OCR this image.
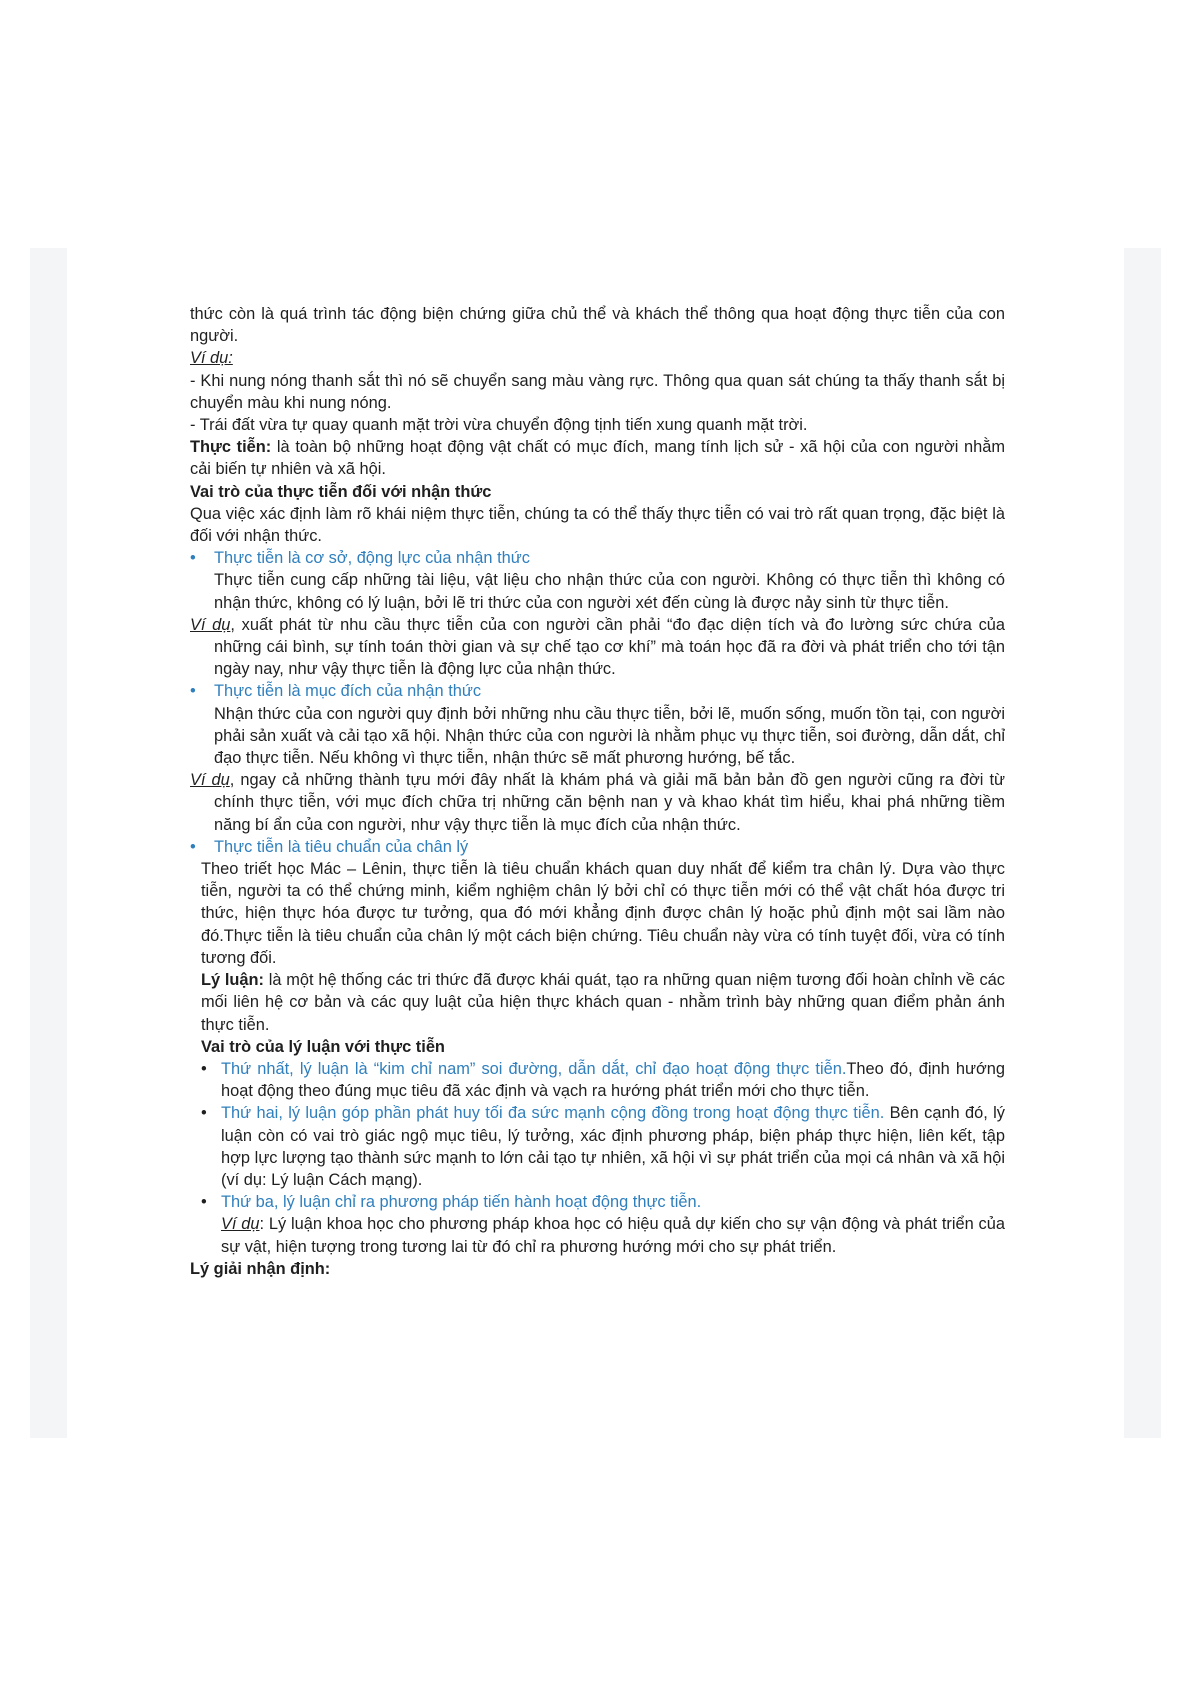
thức còn là quá trình tác động biện chứng giữa chủ thể và khách thể thông qua hoạt động thực tiễn của con người.

Ví dụ:

- Khi nung nóng thanh sắt thì nó sẽ chuyển sang màu vàng rực. Thông qua quan sát chúng ta thấy thanh sắt bị chuyển màu khi nung nóng.

- Trái đất vừa tự quay quanh mặt trời vừa chuyển động tịnh tiến xung quanh mặt trời.

Thực tiễn: là toàn bộ những hoạt động vật chất có mục đích, mang tính lịch sử - xã hội của con người nhằm cải biến tự nhiên và xã hội.

Vai trò của thực tiễn đối với nhận thức

Qua việc xác định làm rõ khái niệm thực tiễn, chúng ta có thể thấy thực tiễn có vai trò rất quan trọng, đặc biệt là đối với nhận thức.

• Thực tiễn là cơ sở, động lực của nhận thức

Thực tiễn cung cấp những tài liệu, vật liệu cho nhận thức của con người. Không có thực tiễn thì không có nhận thức, không có lý luận, bởi lẽ tri thức của con người xét đến cùng là được nảy sinh từ thực tiễn.

Ví dụ, xuất phát từ nhu cầu thực tiễn của con người cần phải “đo đạc diện tích và đo lường sức chứa của những cái bình, sự tính toán thời gian và sự chế tạo cơ khí” mà toán học đã ra đời và phát triển cho tới tận ngày nay, như vậy thực tiễn là động lực của nhận thức.

• Thực tiễn là mục đích của nhận thức

Nhận thức của con người quy định bởi những nhu cầu thực tiễn, bởi lẽ, muốn sống, muốn tồn tại, con người phải sản xuất và cải tạo xã hội. Nhận thức của con người là nhằm phục vụ thực tiễn, soi đường, dẫn dắt, chỉ đạo thực tiễn. Nếu không vì thực tiễn, nhận thức sẽ mất phương hướng, bế tắc.

Ví dụ, ngay cả những thành tựu mới đây nhất là khám phá và giải mã bản bản đồ gen người cũng ra đời từ chính thực tiễn, với mục đích chữa trị những căn bệnh nan y và khao khát tìm hiểu, khai phá những tiềm năng bí ẩn của con người, như vậy thực tiễn là mục đích của nhận thức.

• Thực tiễn là tiêu chuẩn của chân lý

Theo triết học Mác – Lênin, thực tiễn là tiêu chuẩn khách quan duy nhất để kiểm tra chân lý. Dựa vào thực tiễn, người ta có thể chứng minh, kiểm nghiệm chân lý bởi chỉ có thực tiễn mới có thể vật chất hóa được tri thức, hiện thực hóa được tư tưởng, qua đó mới khẳng định được chân lý hoặc phủ định một sai lầm nào đó.Thực tiễn là tiêu chuẩn của chân lý một cách biện chứng. Tiêu chuẩn này vừa có tính tuyệt đối, vừa có tính tương đối.

Lý luận: là một hệ thống các tri thức đã được khái quát, tạo ra những quan niệm tương đối hoàn chỉnh về các mối liên hệ cơ bản và các quy luật của hiện thực khách quan - nhằm trình bày những quan điểm phản ánh thực tiễn.

Vai trò của lý luận với thực tiễn

• Thứ nhất, lý luận là “kim chỉ nam” soi đường, dẫn dắt, chỉ đạo hoạt động thực tiễn.Theo đó, định hướng hoạt động theo đúng mục tiêu đã xác định và vạch ra hướng phát triển mới cho thực tiễn.
• Thứ hai, lý luận góp phần phát huy tối đa sức mạnh cộng đồng trong hoạt động thực tiễn. Bên cạnh đó, lý luận còn có vai trò giác ngộ mục tiêu, lý tưởng, xác định phương pháp, biện pháp thực hiện, liên kết, tập hợp lực lượng tạo thành sức mạnh to lớn cải tạo tự nhiên, xã hội vì sự phát triển của mọi cá nhân và xã hội (ví dụ: Lý luận Cách mạng).
• Thứ ba, lý luận chỉ ra phương pháp tiến hành hoạt động thực tiễn.

Ví dụ: Lý luận khoa học cho phương pháp khoa học có hiệu quả dự kiến cho sự vận động và phát triển của sự vật, hiện tượng trong tương lai từ đó chỉ ra phương hướng mới cho sự phát triển.

Lý giải nhận định:
